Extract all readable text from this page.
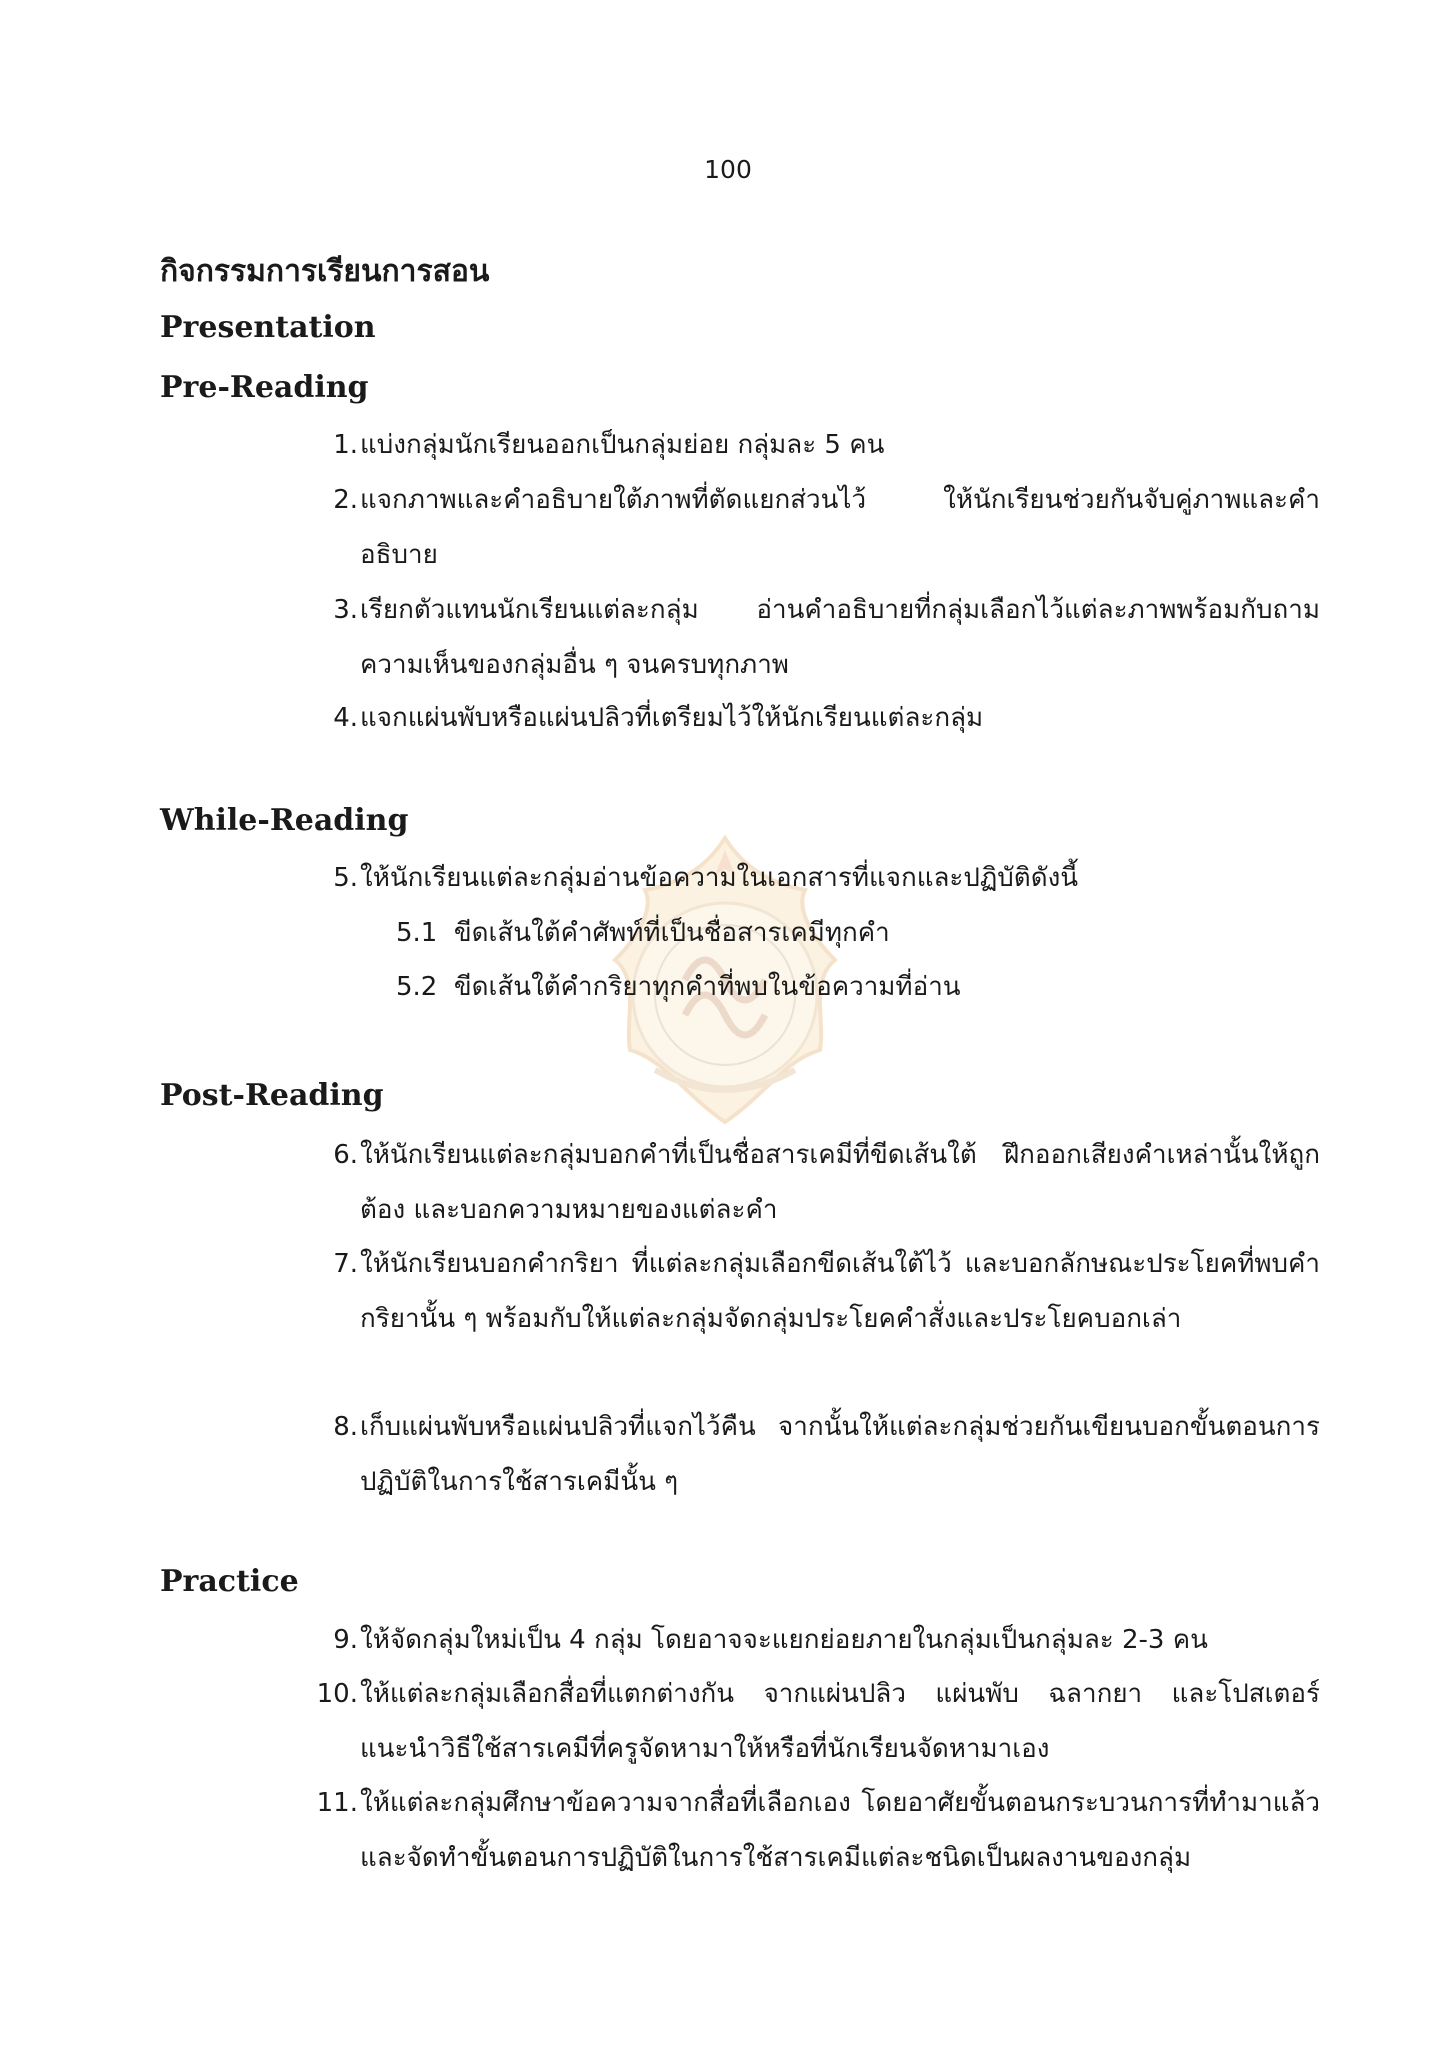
100
กิจกรรมการเรียนการสอน
Presentation
Pre-Reading
1. แบ่งกลุ่มนักเรียนออกเป็นกลุ่มย่อย กลุ่มละ 5 คน
2. แจกภาพและคำอธิบายใต้ภาพที่ตัดแยกส่วนไว้ ให้นักเรียนช่วยกันจับคู่ภาพและคำอธิบาย
3. เรียกตัวแทนนักเรียนแต่ละกลุ่ม อ่านคำอธิบายที่กลุ่มเลือกไว้แต่ละภาพพร้อมกับถามความเห็นของกลุ่มอื่น ๆ จนครบทุกภาพ
4. แจกแผ่นพับหรือแผ่นปลิวที่เตรียมไว้ให้นักเรียนแต่ละกลุ่ม
While-Reading
5. ให้นักเรียนแต่ละกลุ่มอ่านข้อความในเอกสารที่แจกและปฏิบัติดังนี้
5.1 ขีดเส้นใต้คำศัพท์ที่เป็นชื่อสารเคมีทุกคำ
5.2 ขีดเส้นใต้คำกริยาทุกคำที่พบในข้อความที่อ่าน
Post-Reading
6. ให้นักเรียนแต่ละกลุ่มบอกคำที่เป็นชื่อสารเคมีที่ขีดเส้นใต้ ฝึกออกเสียงคำเหล่านั้นให้ถูกต้อง และบอกความหมายของแต่ละคำ
7. ให้นักเรียนบอกคำกริยา ที่แต่ละกลุ่มเลือกขีดเส้นใต้ไว้ และบอกลักษณะประโยคที่พบคำกริยานั้น ๆ พร้อมกับให้แต่ละกลุ่มจัดกลุ่มประโยคคำสั่งและประโยคบอกเล่า
8. เก็บแผ่นพับหรือแผ่นปลิวที่แจกไว้คืน จากนั้นให้แต่ละกลุ่มช่วยกันเขียนบอกขั้นตอนการปฏิบัติในการใช้สารเคมีนั้น ๆ
Practice
9. ให้จัดกลุ่มใหม่เป็น 4 กลุ่ม โดยอาจจะแยกย่อยภายในกลุ่มเป็นกลุ่มละ 2-3 คน
10. ให้แต่ละกลุ่มเลือกสื่อที่แตกต่างกัน จากแผ่นปลิว แผ่นพับ ฉลากยา และโปสเตอร์ แนะนำวิธีใช้สารเคมีที่ครูจัดหามาให้หรือที่นักเรียนจัดหามาเอง
11. ให้แต่ละกลุ่มศึกษาข้อความจากสื่อที่เลือกเอง โดยอาศัยขั้นตอนกระบวนการที่ทำมาแล้ว และจัดทำขั้นตอนการปฏิบัติในการใช้สารเคมีแต่ละชนิดเป็นผลงานของกลุ่ม
